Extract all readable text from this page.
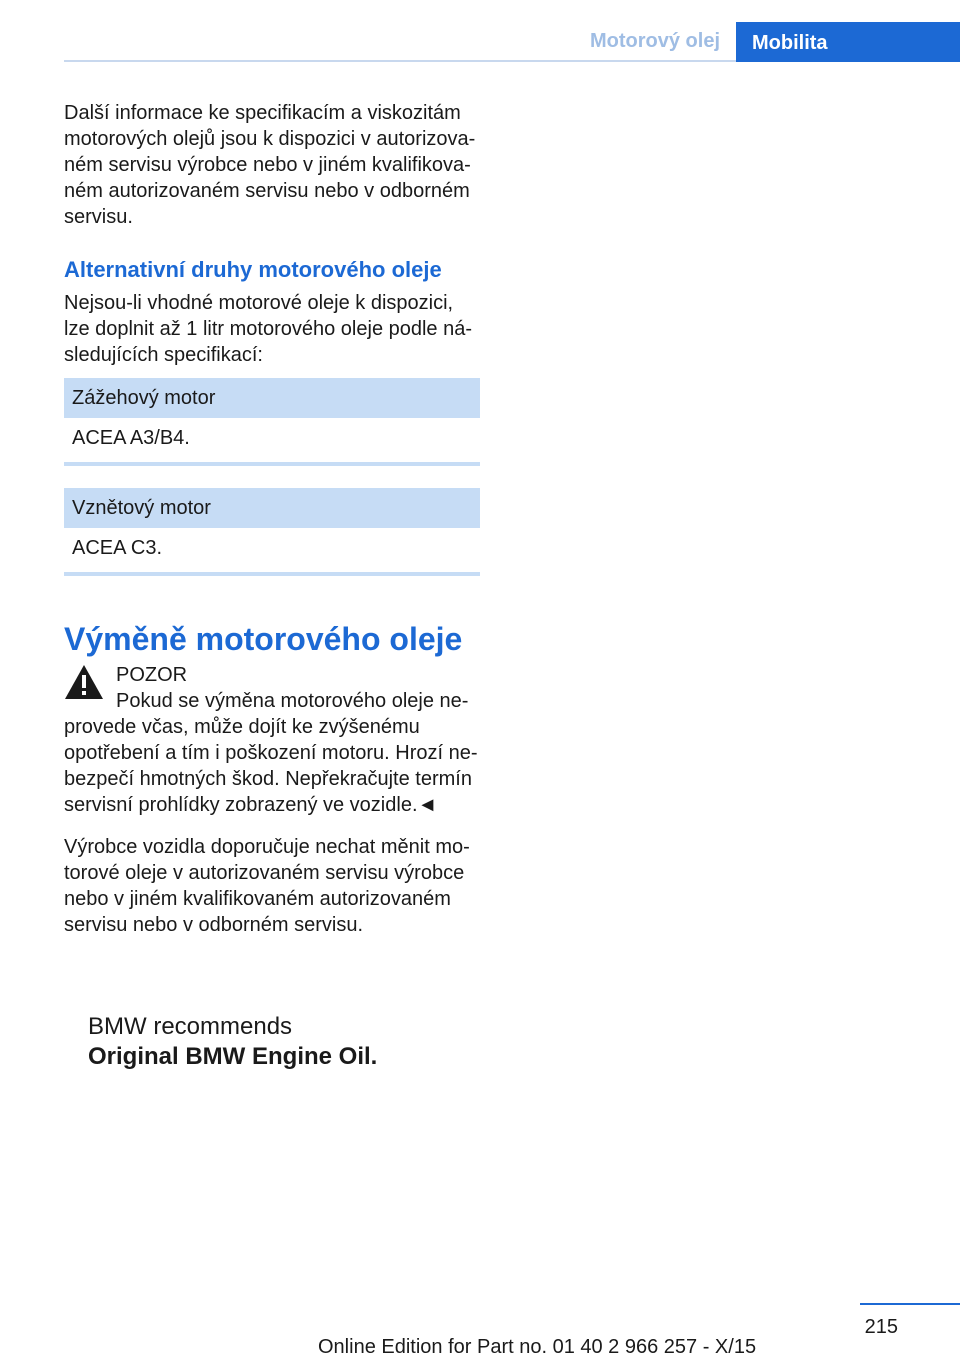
Motorový olej	Mobilita

Další informace ke specifikacím a viskozitám motorových olejů jsou k dispozici v autorizova- ném servisu výrobce nebo v jiném kvalifikova- ném autorizovaném servisu nebo v odborném servisu.

Alternativní druhy motorového oleje

Nejsou-li vhodné motorové oleje k dispozici, lze doplnit až 1 litr motorového oleje podle ná- sledujících specifikací:

Zážehový motor
ACEA A3/B4.
Vznětový motor
ACEA C3.
Výměně motorového oleje

POZOR

Pokud se výměna motorového oleje ne- provede včas, může dojít ke zvýšenému opotřebení a tím i poškození motoru. Hrozí ne- bezpečí hmotných škod. Nepřekračujte termín servisní prohlídky zobrazený ve vozidle.◄

Výrobce vozidla doporučuje nechat měnit mo- torové oleje v autorizovaném servisu výrobce nebo v jiném kvalifikovaném autorizovaném servisu nebo v odborném servisu.

BMW recommends
Original BMW Engine Oil.
215
Online Edition for Part no. 01 40 2 966 257 - X/15
